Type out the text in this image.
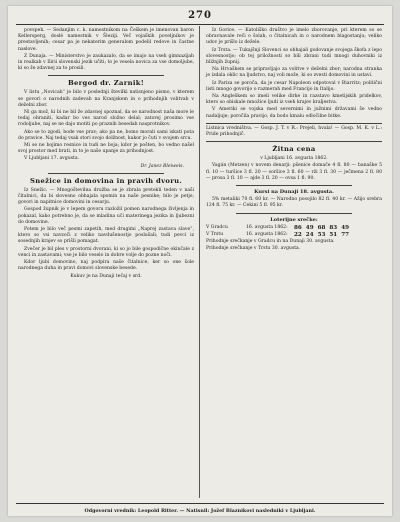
270

povspeh. — Sedanjim c. k. namestnikom na Češkem je imenovan baron Kellersperg, doslé namestnik v Šleziji. Več vojaških poveljnikov je prestavljenih; cesar pa je nekaterim generalom podelil redove in častne naslove.

Z Dunaja. — Ministerstvo je zaukazalo, da se imajo na vseh gimnazijah in realkah v Ilirii slovenski jezik učiti; to je vesela novica za vse domoljube, ki so že zdavnej za to prosili.

Bergod dr. Zarnik!

V listu „Novicah“ je bilo v poslednji številki natisnjeno pismo, v kterem se govori o narodnih zadevah na Kranjskem in o prihodnjih volitvah v deželni zbor.

Ni ga mož, ki bi ne bil že zdavnej spoznal, da se narodnost naša more le tedaj ohraniti, kadar bo ves narod složno delal; zatorej prosimo vse rodoljube, naj se ne dajo motiti po praznih besedah nasprotnikov.

Ako se to zgodi, bode vse prav; ako pa ne, bomo morali sami iskati pota do pravice. Naj tedaj vsak stori svojo dolžnost, kakor jo čuti v svojem srcu.

Mi se ne bojimo resnice in tudi ne boja; kdor je pošten, bo vedno našel svoj prostor med brati, in to je naše upanje za prihodnjost.

V Ljubljani 17. avgusta.

Dr. Janez Bleiweis.
Snežice in domovina in pravih dvoru.

Iz Snežic. — Mnogoštevilna družba se je zbrala pretekli teden v naši čitalnici, da bi slovesno obhajala spomin na naše pesnike; bilo je petje, govori in napitnice domovini in cesarju.

Gospod župnik je v lepem govoru razložil pomen narodnega življenja in pokazal, kako potrebno je, da se mladina uči materinega jezika in ljubezni do domovine.

Potem je bilo več pesmi zapetih, med drugimi „Naprej zastava slave“, ktero so vsi navzoči z veliko navdušenostjo poslušali; tudi pevci iz sosednjih krajev so prišli pomagat.

Zvečer je bil ples v prostorni dvorani, ki so jo bile gospodične okinčale z venci in zastavami; vse je bilo veselo in dobre volje do pozne noči.

Kdor ljubi domovino, naj podpira naše čitalnice, ker so one šole narodnega duha in pravi domovi slovenske besede.

Kukuv je na Dunaji tečaj v srd.

Iz Gorice. — Katoliško društvo je imelo zborovanje, pri kterem so se obravnavale reči o šolah, o čitalnicah in o narodnem blagostanju; veliko udov je prišlo iz dežele.

Iz Trsta. — Tukajšnji Slovenci so obhajali godovanje svojega škofa z lepo slovesnostjo; ob tej priložnosti so bili zbrani tudi mnogi duhovniki iz bližnjih župnij.

Na Hrvaškem se pripravljajo za volitve v deželni zbor; narodna stranka je izdala oklic na ljudstvo, naj voli može, ki so zvesti domovini in ustavi.

Iz Pariza se poroča, da je cesar Napoleon odpotoval v Biarritz; politični listi mnogo govorijo o razmerah med Francijo in Italijo.

Na Angleškem so imeli velike dirke in razstavo kmetijskih pridelkov, ktero so obiskale množice ljudi iz vseh krajev kraljestva.

V Ameriki se vojska med severnimi in južnimi državami še vedno nadaljuje; poročila pravijo, da bodo kmalu odločilne bitke.

Listnica vredništva. — Gosp. J. T. v R.: Prejeli, hvala! — Gosp. M. K. v L.: Pride prihodnjič.

Žitna cena

v Ljubljani 16. avgusta 1862.

Vagán (Metzen) v novem denarji: pšenice domače 4 fl. 80 — banaške 5 fl. 10 — turšice 3 fl. 20 — soršice 3 fl. 60 — rži 3 fl. 30 — ječmena 2 fl. 80 — prosa 3 fl. 10 — ajde 3 fl. 20 — ovsa 1 fl. 90.

Kursi na Dunaji 18. avgusta.

5% metaliki 70 fl. 60 kr. — Narodno posojilo 82 fl. 40 kr. — Ažijo srebra 124 fl. 75 kr. — Cekini 5 fl. 95 kr.

Loterijne srečke:
V Gradcu	16. avgusta 1862:	86 49 68 83 49
V Trstu	16. avgusta 1862:	22 24 53 51 77

Prihodnje srečkanje v Gradcu in na Dunaji 30. avgusta.

Prihodnje srečkanje v Trstu 30. avgusta.

Odgovorni vrednik: Leopold Ritter. — Natisnil: Jožef Blaznikovi nasledniki v Ljubljani.
